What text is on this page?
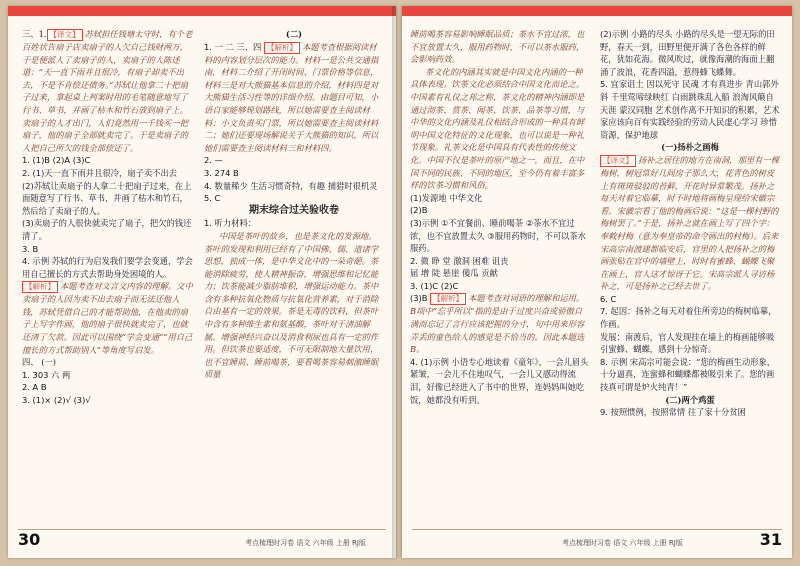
三、1. 【译文】 苏轼担任钱塘太守时，有个老百姓状告扇子店卖扇子的人欠自己钱财两万，于是便派人了卖扇子的人，卖扇子的人陈述道：“天一直下雨并且很冷，有扇子却卖不出去，不是不肯偿还债务。”苏轼让他拿二十把扇子过来，拿起桌上判案时用的毛笔随意地写了行书、草书，并画了枯木和竹石放到扇子上。卖扇子的人才出门，人们竟然用一千钱买一把扇子，他的扇子全部就卖完了。于是卖扇子的人把自己所欠的钱全部偿还了。

1. (1)B (2)A (3)C

2. (1)天一直下雨并且很冷，扇子卖不出去

(2)苏轼让卖扇子的人拿二十把扇子过来，在上面随意写了行书、草书，并画了枯木和竹石，然后给了卖扇子的人。

(3)卖扇子的人很快就卖完了扇子，把欠的钱还清了。

3. B

4. 示例 苏轼的行为启发我们要学会变通，学会用自己擅长的方式去帮助身处困境的人。

【解析】 本题考查对文言文内容的理解。文中卖扇子的人因为卖不出去扇子而无法还他人钱，苏轼凭借自己的才能帮助他，在他卖的扇子上写字作画，他的扇子很快就卖完了，也就还清了欠款。因此可以围绕“学会变通”“用自己擅长的方式帮助别人”等角度写启发。

四、 (一)

1. 303 六 两

2. A B

3. (1)× (2)√ (3)√

(二)

1. 一 二 三、四 【解析】 本题考查根据阅读材料的内容划分层次的能力。材料一是公共交通指南，材料二介绍了开闭时间、门票价格等信息，材料三是对大熊猫基本信息的介绍，材料四是对大熊猫生活习性等的详细介绍。由题目可知，小语自家能够规划路线，所以她需要查主阅读材料：小文负责买门票，所以她需要查主阅读材料二；她们还要现场解说关于大熊猫的知识，所以她们需要查主阅读材料三和材料四。

2. —

3. 274 B

4. 数量稀少 生活习惯奇特，有趣 捕猎时很机灵

5. C

期末综合过关验收卷

1. 听力材料：

中国是茶叶的故乡，也是茶文化的发源地。茶叶的发现和利用已经有了中国佛、儒、道诸学思想，独成一体，是中华文化中的一朵奇葩。茶能消除疲劳，使人精神振奋，增强思维和记忆能力；饮茶能减少脂肪堆积，增强运动能力。茶中含有多种抗氧化物质与抗氧化营养素，对于消除自由基有一定的效果。茶是无毒的饮料，但茶叶中含有多种维生素和氨基酸，茶叶对于清油解腻、增强神经兴奋以及消食利尿也具有一定的作用。但饮茶也要适度，不可无限制地大量饮用，也不宜睡前、睡前喝茶，要看喝茶容易刺激睡眠质量

30	考点梳理时习卷 语文 六年级 上册 RJ版

睡前喝茶容易影响睡眠品质；茶水不宜过浓，也不宜放置太久，服用药物时，不可以茶水服药，会影响药效。

茶文化的内涵其实就是中国文化内涵的一种具体表现。饮茶文化必须结合中国文化而论之。中国素有礼仪之邦之称，茶文化的精神内涵即是通过沏茶、赏茶、闻茶、饮茶、品茶等习惯，与中华的文化内涵及礼仪相结合形成的一种具有鲜明中国文化特征的文化现象，也可以说是一种礼节现象。礼茶文化是中国具有代表性的传统文化。中国不仅是茶叶的原产地之一，而且，在中国不同的民族、不同的地区，至今仍有着丰富多样的饮茶习惯和风俗。

(1)发源地 中华文化

(2)B

(3)示例 ①不宜餐前、睡前喝茶 ②茶水不宜过浓，也不宜放置太久 ③服用药物时，不可以茶水服药。

2. 微 睁 堂 激洞 困难 诅丧

届 增 陡 悬崖 傻瓜 贡献

3. (1)C (2)C

(3)B 【解析】 本题考查对词语的理解和运用。B项中“忘乎所以”指的是由于过度兴奋或骄傲自满而忘记了言行应该把握的分寸，句中用来形容弄丢的童色给人的感觉是不恰当的。因此本题选B。

4. (1)示例 小语专心地读着《童年》，一会儿眉头紧皱，一会儿不住地叹气，一会儿又感动得流泪，好像已经进入了书中的世界，连妈妈叫她吃饭，她都没有听到。

(2)示例 小路的尽头 小路的尽头是一望无际的田野，春天一到，田野里便开满了各色各样的鲜花，犹如花海。微风吹过，就像海潮的海面上翻涌了波浪，花香四溢，惹得蜂飞蝶舞。

5. 宜家诅土 因以死守 民魂 才有真进步 青山郭外斜 千里莺啼绿映红 白雨跳珠乱入船 浪淘风簸自天涯 蒙汉同胞 艺术创作离不开知识的积累，艺术家应该向百有实践经验的劳动人民虚心学习 珍惜资源，保护地球

(一)扬朴之画梅

【译文】 扬补之居住的地方在南洞，那里有一棵梅树，树冠常好几间房子那么大，花青色的树皮上有斑斑驳驳的苔藓，开花时异常繁茂。扬补之每天对着它临摹，时不时地将画梅呈现给宋徽宗看。宋徽宗看了他的梅画后说：“这是一棵村野的梅树罢了。”于是，扬补之就在画上写了四个字：奉敕村梅（意为奉皇帝的命令画出的村梅）。后来宋高宗南渡建都临安后，官里的人把扬补之的梅画张贴在官中的墙壁上，时时有蜜蜂、蝴蝶飞聚在画上，官人这才惊讶于它。宋高宗派人寻访杨补之，可是扬补之已经去世了。

6. C

7. 起因：扬补之每天对着住所旁边的梅树临摹，作画。

发展：南渡后，官人发现挂在墙上的梅画能够吸引蜜蜂、蝴蝶，感到十分惊奇。

8. 示例 宋高宗可能会说：“您的梅画生动形象，十分逼真，连蜜蜂和蝴蝶都被吸引来了。您的画技真可谓是炉火纯青！”

(二)两个鸡蛋

9. 按照惯例，按照常情 往了家十分贫困

考点梳理时习卷 语文 六年级 上册 RJ版	31
